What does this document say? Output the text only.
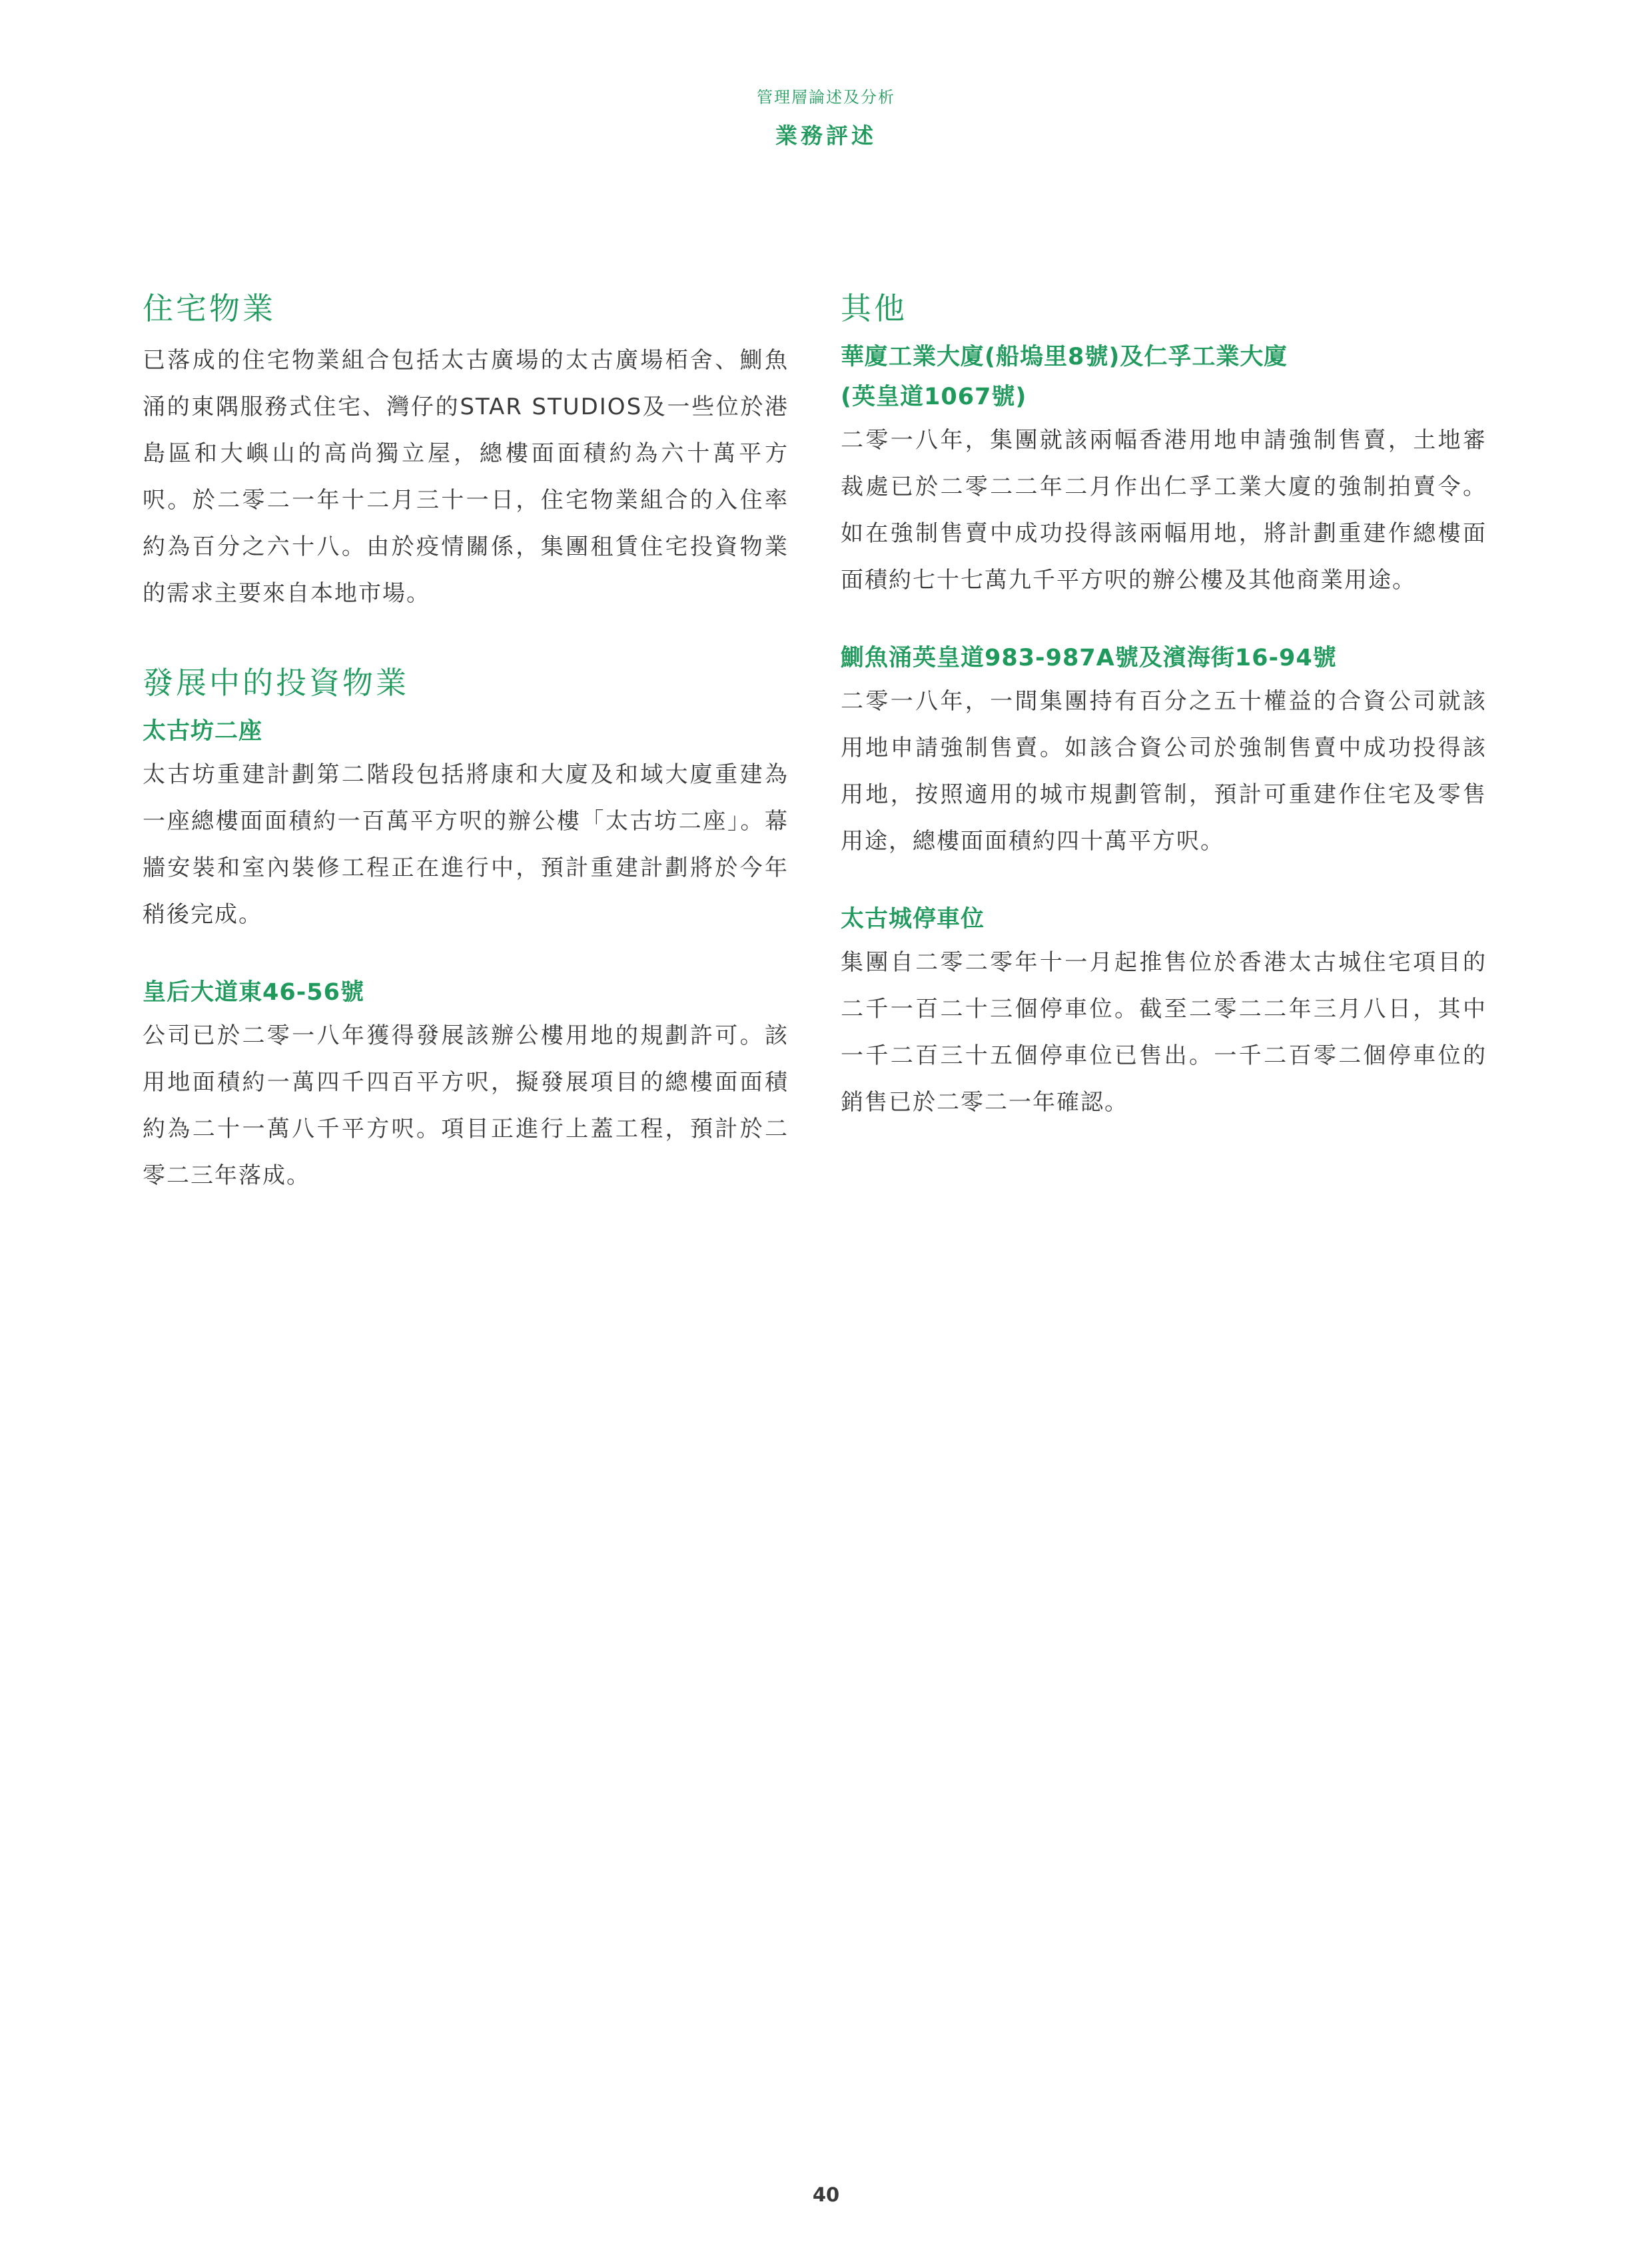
管理層論述及分析
業務評述
住宅物業

已落成的住宅物業組合包括太古廣場的太古廣場栢舍、鰂魚涌的東隅服務式住宅、灣仔的STAR STUDIOS及一些位於港島區和大嶼山的高尚獨立屋，總樓面面積約為六十萬平方呎。於二零二一年十二月三十一日，住宅物業組合的入住率約為百分之六十八。由於疫情關係，集團租賃住宅投資物業的需求主要來自本地市場。

發展中的投資物業
太古坊二座

太古坊重建計劃第二階段包括將康和大廈及和域大廈重建為一座總樓面面積約一百萬平方呎的辦公樓「太古坊二座」。幕牆安裝和室內裝修工程正在進行中，預計重建計劃將於今年稍後完成。

皇后大道東46-56號

公司已於二零一八年獲得發展該辦公樓用地的規劃許可。該用地面積約一萬四千四百平方呎，擬發展項目的總樓面面積約為二十一萬八千平方呎。項目正進行上蓋工程，預計於二零二三年落成。

其他
華廈工業大廈(船塢里8號)及仁孚工業大廈
(英皇道1067號)

二零一八年，集團就該兩幅香港用地申請強制售賣，土地審裁處已於二零二二年二月作出仁孚工業大廈的強制拍賣令。如在強制售賣中成功投得該兩幅用地，將計劃重建作總樓面面積約七十七萬九千平方呎的辦公樓及其他商業用途。

鰂魚涌英皇道983-987A號及濱海街16-94號

二零一八年，一間集團持有百分之五十權益的合資公司就該用地申請強制售賣。如該合資公司於強制售賣中成功投得該用地，按照適用的城市規劃管制，預計可重建作住宅及零售用途，總樓面面積約四十萬平方呎。

太古城停車位

集團自二零二零年十一月起推售位於香港太古城住宅項目的二千一百二十三個停車位。截至二零二二年三月八日，其中一千二百三十五個停車位已售出。一千二百零二個停車位的銷售已於二零二一年確認。

40
